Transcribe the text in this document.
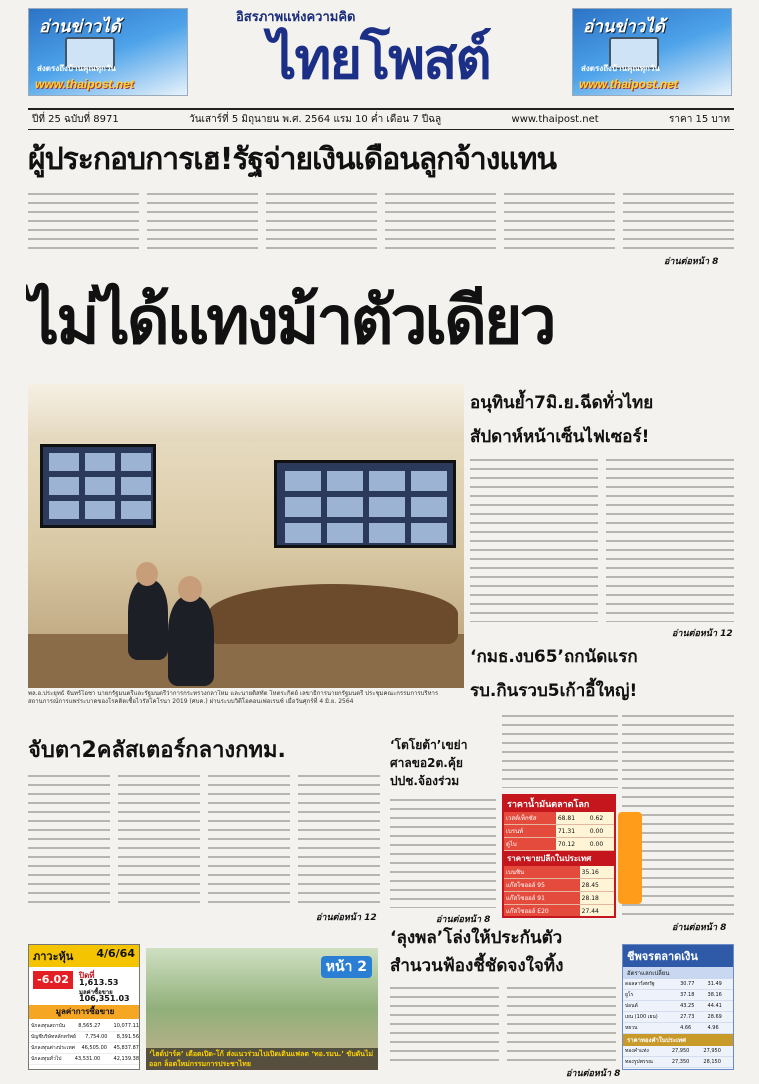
อ่านข่าวได้
ส่งตรงถึงบ้านคุณทุกวัน
www.thaipost.net
อิสรภาพแห่งความคิด
ไทยโพสต์
อ่านข่าวได้
ส่งตรงถึงบ้านคุณทุกวัน
www.thaipost.net
ปีที่ 25 ฉบับที่ 8971	วันเสาร์ที่ 5 มิถุนายน พ.ศ. 2564 แรม 10 ค่ำ เดือน 7 ปีฉลู	www.thaipost.net	ราคา 15 บาท
ผู้ประกอบการเฮ!รัฐจ่ายเงินเดือนลูกจ้างแทน
อ่านต่อหน้า 8
ไม่ได้แทงม้าตัวเดียว
พล.อ.ประยุทธ์ จันทร์โอชา นายกรัฐมนตรีและรัฐมนตรีว่าการกระทรวงกลาโหม และนายดิสทัต โหตระกิตย์ เลขาธิการนายกรัฐมนตรี ประชุมคณะกรรมการบริหารสถานการณ์การแพร่ระบาดของโรคติดเชื้อไวรัสโคโรนา 2019 (ศบค.) ผ่านระบบวิดีโอคอนเฟอเรนซ์ เมื่อวันศุกร์ที่ 4 มิ.ย. 2564
อนุทินย้ำ7มิ.ย.ฉีดทั่วไทย
สัปดาห์หน้าเซ็นไฟเซอร์!
อ่านต่อหน้า 12
‘กมธ.งบ65’ถกนัดแรก
รบ.กินรวบ5เก้าอี้ใหญ่!
อ่านต่อหน้า 8
จับตา2คลัสเตอร์กลางกทม.
อ่านต่อหน้า 12
‘โตโยต้า’เขย่า
ศาลขอ2ต.คุ้ย
ปปช.จ้องร่วม
อ่านต่อหน้า 8
ราคาน้ำมันตลาดโลก
เวสต์เท็กซัส	68.81	0.62
เบรนท์	71.31	0.00
ดูไบ	70.12	0.00
ราคาขายปลีกในประเทศ
เบนซิน	35.16
แก๊สโซฮอล์ 95	28.45
แก๊สโซฮอล์ 91	28.18
แก๊สโซฮอล์ E20	27.44

ภาวะหุ้น 4/6/64
-6.02	ปิดที่
1,613.53
มูลค่าซื้อขาย
106,351.03
มูลค่าการซื้อขาย
นักลงทุนสถาบัน	8,565.27	10,077.11
บัญชีบริษัทหลักทรัพย์ 7,754.00 8,391.56
นักลงทุนต่างประเทศ 46,505.00 45,837.87
นักลงทุนทั่วไป	43,531.00	42,139.38
หน้า 2
‘ไฮด์ปาร์ค’ เดือดเปิด-โก้ ส่งแนวร่วมไปเปิดเดินแฟลต ‘ทอ.รมน.’ ขับดันไม่ออก ล็อตใหม่กรรมการประชาไทย
‘ลุงพล’โล่งให้ประกันตัว
สำนวนฟ้องชี้ชัดจงใจทิ้ง
อ่านต่อหน้า 8
ชีพจรตลาดเงิน
อัตราแลกเปลี่ยน
ดอลลาร์สหรัฐ	30.77	31.49
ยูโร	37.18	38.16
ปอนด์	43.25	44.41
เยน (100 เยน)	27.73	28.69
หยวน	4.66	4.96
ราคาทองคำในประเทศ
ทองคำแท่ง	27,950	27,950
ทองรูปพรรณ	27,350	28,150
